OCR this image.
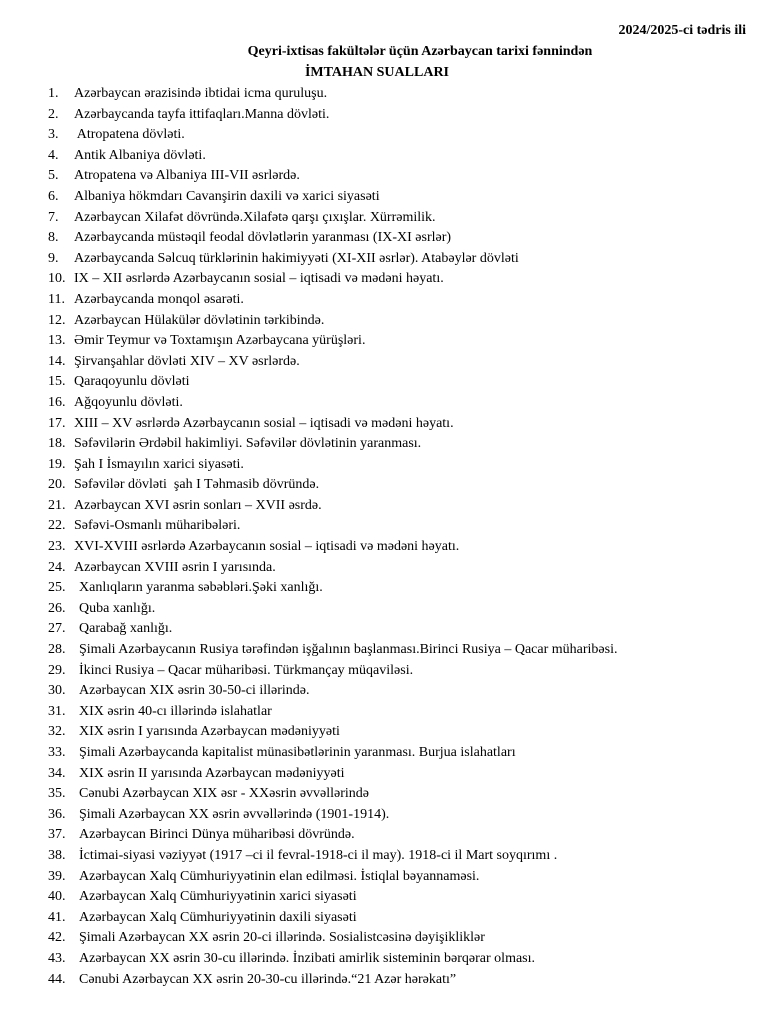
2024/2025-ci tədris ili
Qeyri-ixtisas fakültələr üçün Azərbaycan tarixi fənnindən
İMTAHAN SUALLARI
1. Azərbaycan ərazisində ibtidai icma quruluşu.
2. Azərbaycanda tayfa ittifaqları.Manna dövləti.
3. Atropatena dövləti.
4. Antik Albaniya dövləti.
5. Atropatena və Albaniya III-VII əsrlərdə.
6. Albaniya hökmdarı Cavanşirin daxili və xarici siyasəti
7. Azərbaycan Xilafət dövründə.Xilafətə qarşı çıxışlar. Xürrəmilik.
8. Azərbaycanda müstəqil feodal dövlətlərin yaranması (IX-XI əsrlər)
9. Azərbaycanda Səlcuq türklərinin hakimiyyəti (XI-XII əsrlər). Atabəylər dövləti
10. IX – XII əsrlərdə Azərbaycanın sosial – iqtisadi və mədəni həyatı.
11. Azərbaycanda monqol əsarəti.
12. Azərbaycan Hülakülər dövlətinin tərkibində.
13. Əmir Teymur və Toxtamışın Azərbaycana yürüşləri.
14. Şirvanşahlar dövləti XIV – XV əsrlərdə.
15. Qaraqoyunlu dövləti
16. Ağqoyunlu dövləti.
17. XIII – XV əsrlərdə Azərbaycanın sosial – iqtisadi və mədəni həyatı.
18. Səfəvilərin Ərdəbil hakimliyi. Səfəvilər dövlətinin yaranması.
19. Şah I İsmayılın xarici siyasəti.
20. Səfəvilər dövləti  şah I Təhmasib dövründə.
21. Azərbaycan XVI əsrin sonları – XVII əsrdə.
22. Səfəvi-Osmanlı müharibələri.
23. XVI-XVIII əsrlərdə Azərbaycanın sosial – iqtisadi və mədəni həyatı.
24. Azərbaycan XVIII əsrin I yarısında.
25. Xanlıqların yaranma səbəbləri.Şəki xanlığı.
26. Quba xanlığı.
27. Qarabağ xanlığı.
28. Şimali Azərbaycanın Rusiya tərəfindən işğalının başlanması.Birinci Rusiya – Qacar müharibəsi.
29. İkinci Rusiya – Qacar müharibəsi. Türkmançay müqaviləsi.
30. Azərbaycan XIX əsrin 30-50-ci illərində.
31. XIX əsrin 40-cı illərində islahatlar
32. XIX əsrin I yarısında Azərbaycan mədəniyyəti
33. Şimali Azərbaycanda kapitalist münasibətlərinin yaranması. Burjua islahatları
34. XIX əsrin II yarısında Azərbaycan mədəniyyəti
35. Cənubi Azərbaycan XIX əsr - XXəsrin əvvəllərində
36. Şimali Azərbaycan XX əsrin əvvəllərində (1901-1914).
37. Azərbaycan Birinci Dünya müharibəsi dövründə.
38. İctimai-siyasi vəziyyət (1917 –ci il fevral-1918-ci il may). 1918-ci il Mart soyqırımı .
39. Azərbaycan Xalq Cümhuriyyətinin elan edilməsi. İstiqlal bəyannaməsi.
40. Azərbaycan Xalq Cümhuriyyətinin xarici siyasəti
41. Azərbaycan Xalq Cümhuriyyətinin daxili siyasəti
42. Şimali Azərbaycan XX əsrin 20-ci illərində. Sosialistcəsinə dəyişikliklər
43. Azərbaycan XX əsrin 30-cu illərində. İnzibati amirlik sisteminin bərqərar olması.
44. Cənubi Azərbaycan XX əsrin 20-30-cu illərində.“21 Azər hərəkatı”
